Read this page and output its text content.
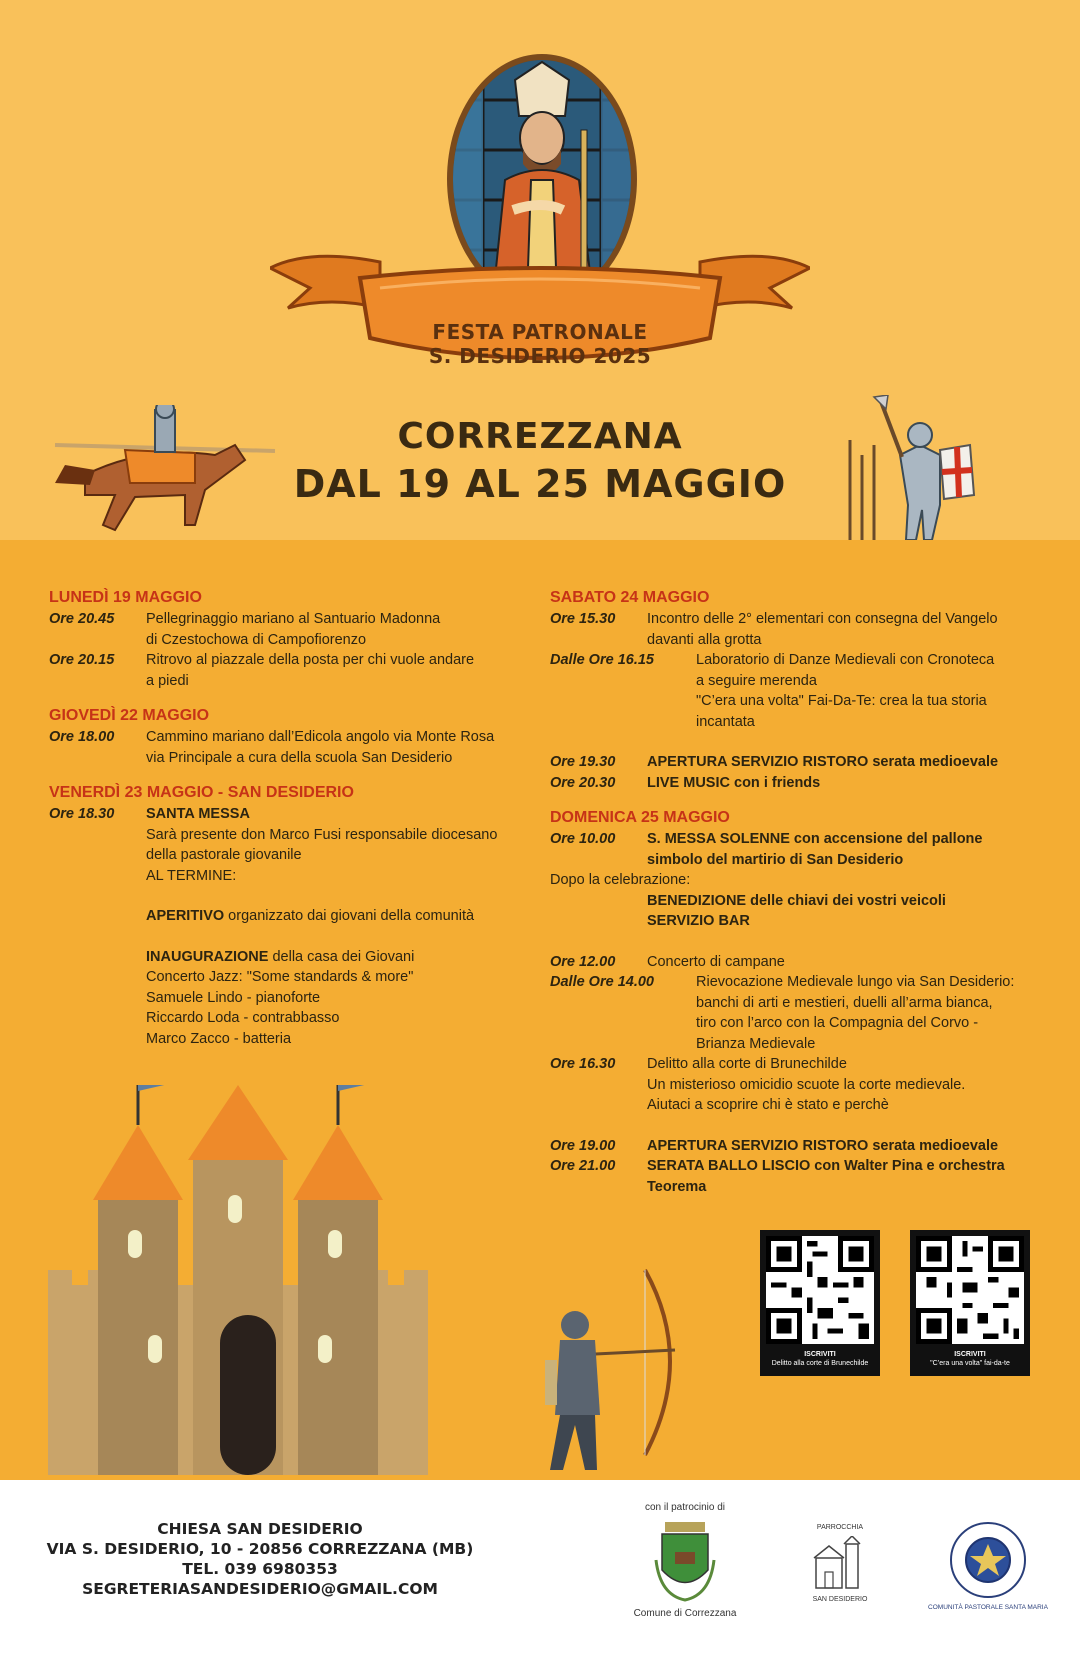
FESTA PATRONALE
S. DESIDERIO 2025
CORREZZANA
DAL 19 AL 25 MAGGIO
LUNEDÌ 19 MAGGIO
Ore 20.45	Pellegrinaggio mariano al Santuario Madonna
di Czestochowa di Campofiorenzo
Ore 20.15	Ritrovo al piazzale della posta per chi vuole andare
a piedi
GIOVEDÌ 22 MAGGIO
Ore 18.00	Cammino mariano dall’Edicola angolo via Monte Rosa
via Principale a cura della scuola San Desiderio
VENERDÌ 23 MAGGIO - SAN DESIDERIO
Ore 18.30	SANTA MESSA
Sarà presente don Marco Fusi responsabile diocesano
della pastorale giovanile
AL TERMINE:
APERITIVO organizzato dai giovani della comunità
INAUGURAZIONE della casa dei Giovani
Concerto Jazz: "Some standards & more"
Samuele Lindo - pianoforte
Riccardo Loda - contrabbasso
Marco Zacco - batteria
SABATO 24 MAGGIO
Ore 15.30	Incontro delle 2° elementari con consegna del Vangelo
davanti alla grotta
Dalle Ore 16.15	Laboratorio di Danze Medievali con Cronoteca
a seguire merenda
"C’era una volta" Fai-Da-Te: crea la tua storia
incantata
Ore 19.30	APERTURA SERVIZIO RISTORO serata medioevale
Ore 20.30	LIVE MUSIC con i friends
DOMENICA 25 MAGGIO
Ore 10.00	S. MESSA SOLENNE con accensione del pallone
simbolo del martirio di San Desiderio
Dopo la celebrazione:
BENEDIZIONE delle chiavi dei vostri veicoli
SERVIZIO BAR
Ore 12.00	Concerto di campane
Dalle Ore 14.00	Rievocazione Medievale lungo via San Desiderio:
banchi di arti e mestieri, duelli all’arma bianca,
tiro con l’arco con la Compagnia del Corvo -
Brianza Medievale
Ore 16.30	Delitto alla corte di Brunechilde
Un misterioso omicidio scuote la corte medievale.
Aiutaci a scoprire chi è stato e perchè
Ore 19.00	APERTURA SERVIZIO RISTORO serata medioevale
Ore 21.00	SERATA BALLO LISCIO con Walter Pina e orchestra
Teorema
ISCRIVITI
Delitto alla corte di Brunechilde
ISCRIVITI
"C’era una volta" fai-da-te
CHIESA SAN DESIDERIO
VIA S. DESIDERIO, 10 - 20856 CORREZZANA (MB)
TEL. 039 6980353
SEGRETERIASANDESIDERIO@GMAIL.COM
con il patrocinio di
Comune di Correzzana
PARROCCHIA
SAN DESIDERIO
COMUNITÀ PASTORALE SANTA MARIA
